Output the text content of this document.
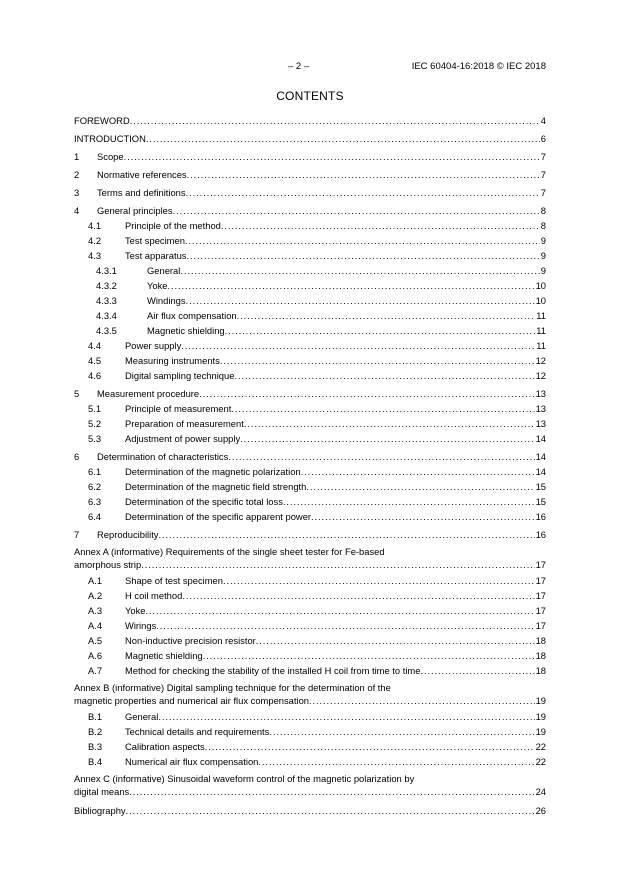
– 2 –	IEC 60404-16:2018 © IEC 2018
CONTENTS
FOREWORD .....	4
INTRODUCTION .....	6
1	Scope .....	7
2	Normative references .....	7
3	Terms and definitions .....	7
4	General principles .....	8
4.1	Principle of the method .....	8
4.2	Test specimen .....	9
4.3	Test apparatus .....	9
4.3.1	General .....	9
4.3.2	Yoke .....	10
4.3.3	Windings .....	10
4.3.4	Air flux compensation .....	11
4.3.5	Magnetic shielding .....	11
4.4	Power supply .....	11
4.5	Measuring instruments .....	12
4.6	Digital sampling technique .....	12
5	Measurement procedure .....	13
5.1	Principle of measurement .....	13
5.2	Preparation of measurement .....	13
5.3	Adjustment of power supply .....	14
6	Determination of characteristics .....	14
6.1	Determination of the magnetic polarization .....	14
6.2	Determination of the magnetic field strength .....	15
6.3	Determination of the specific total loss .....	15
6.4	Determination of the specific apparent power .....	16
7	Reproducibility .....	16
Annex A (informative) Requirements of the single sheet tester for Fe-based
amorphous strip .....	17
A.1	Shape of test specimen .....	17
A.2	H coil method .....	17
A.3	Yoke .....	17
A.4	Wirings .....	17
A.5	Non-inductive precision resistor .....	18
A.6	Magnetic shielding .....	18
A.7	Method for checking the stability of the installed H coil from time to time .....	18
Annex B (informative) Digital sampling technique for the determination of the
magnetic properties and numerical air flux compensation .....	19
B.1	General .....	19
B.2	Technical details and requirements .....	19
B.3	Calibration aspects .....	22
B.4	Numerical air flux compensation .....	22
Annex C (informative) Sinusoidal waveform control of the magnetic polarization by
digital means .....	24
Bibliography .....	26
